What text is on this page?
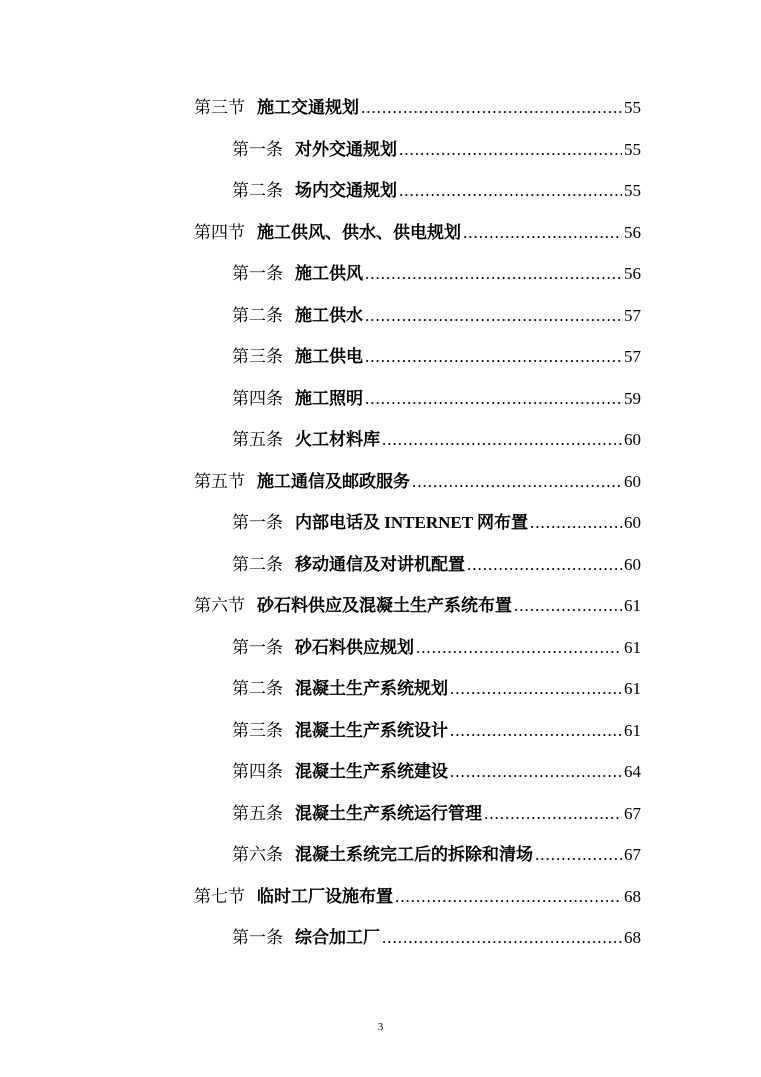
第三节 施工交通规划 .....	55
第一条 对外交通规划 .....	55
第二条 场内交通规划 .....	55
第四节 施工供风、供水、供电规划 .....	56
第一条 施工供风 .....	56
第二条 施工供水 .....	57
第三条 施工供电 .....	57
第四条 施工照明 .....	59
第五条 火工材料库 .....	60
第五节 施工通信及邮政服务 .....	60
第一条 内部电话及 INTERNET 网布置 .....	60
第二条 移动通信及对讲机配置 .....	60
第六节 砂石料供应及混凝土生产系统布置 .....	61
第一条 砂石料供应规划 .....	61
第二条 混凝土生产系统规划 .....	61
第三条 混凝土生产系统设计 .....	61
第四条 混凝土生产系统建设 .....	64
第五条 混凝土生产系统运行管理 .....	67
第六条 混凝土系统完工后的拆除和清场 .....	67
第七节 临时工厂设施布置 .....	68
第一条 综合加工厂 .....	68
3
